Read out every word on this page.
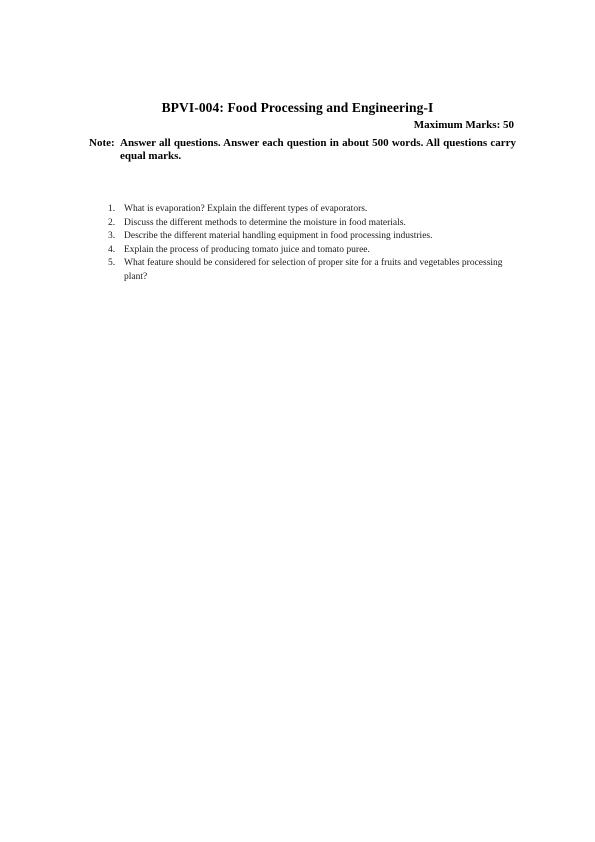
BPVI-004: Food Processing and Engineering-I
Maximum Marks: 50
Note: Answer all questions. Answer each question in about 500 words. All questions carry equal marks.
1. What is evaporation? Explain the different types of evaporators.
2. Discuss the different methods to determine the moisture in food materials.
3. Describe the different material handling equipment in food processing industries.
4. Explain the process of producing tomato juice and tomato puree.
5. What feature should be considered for selection of proper site for a fruits and vegetables processing plant?
